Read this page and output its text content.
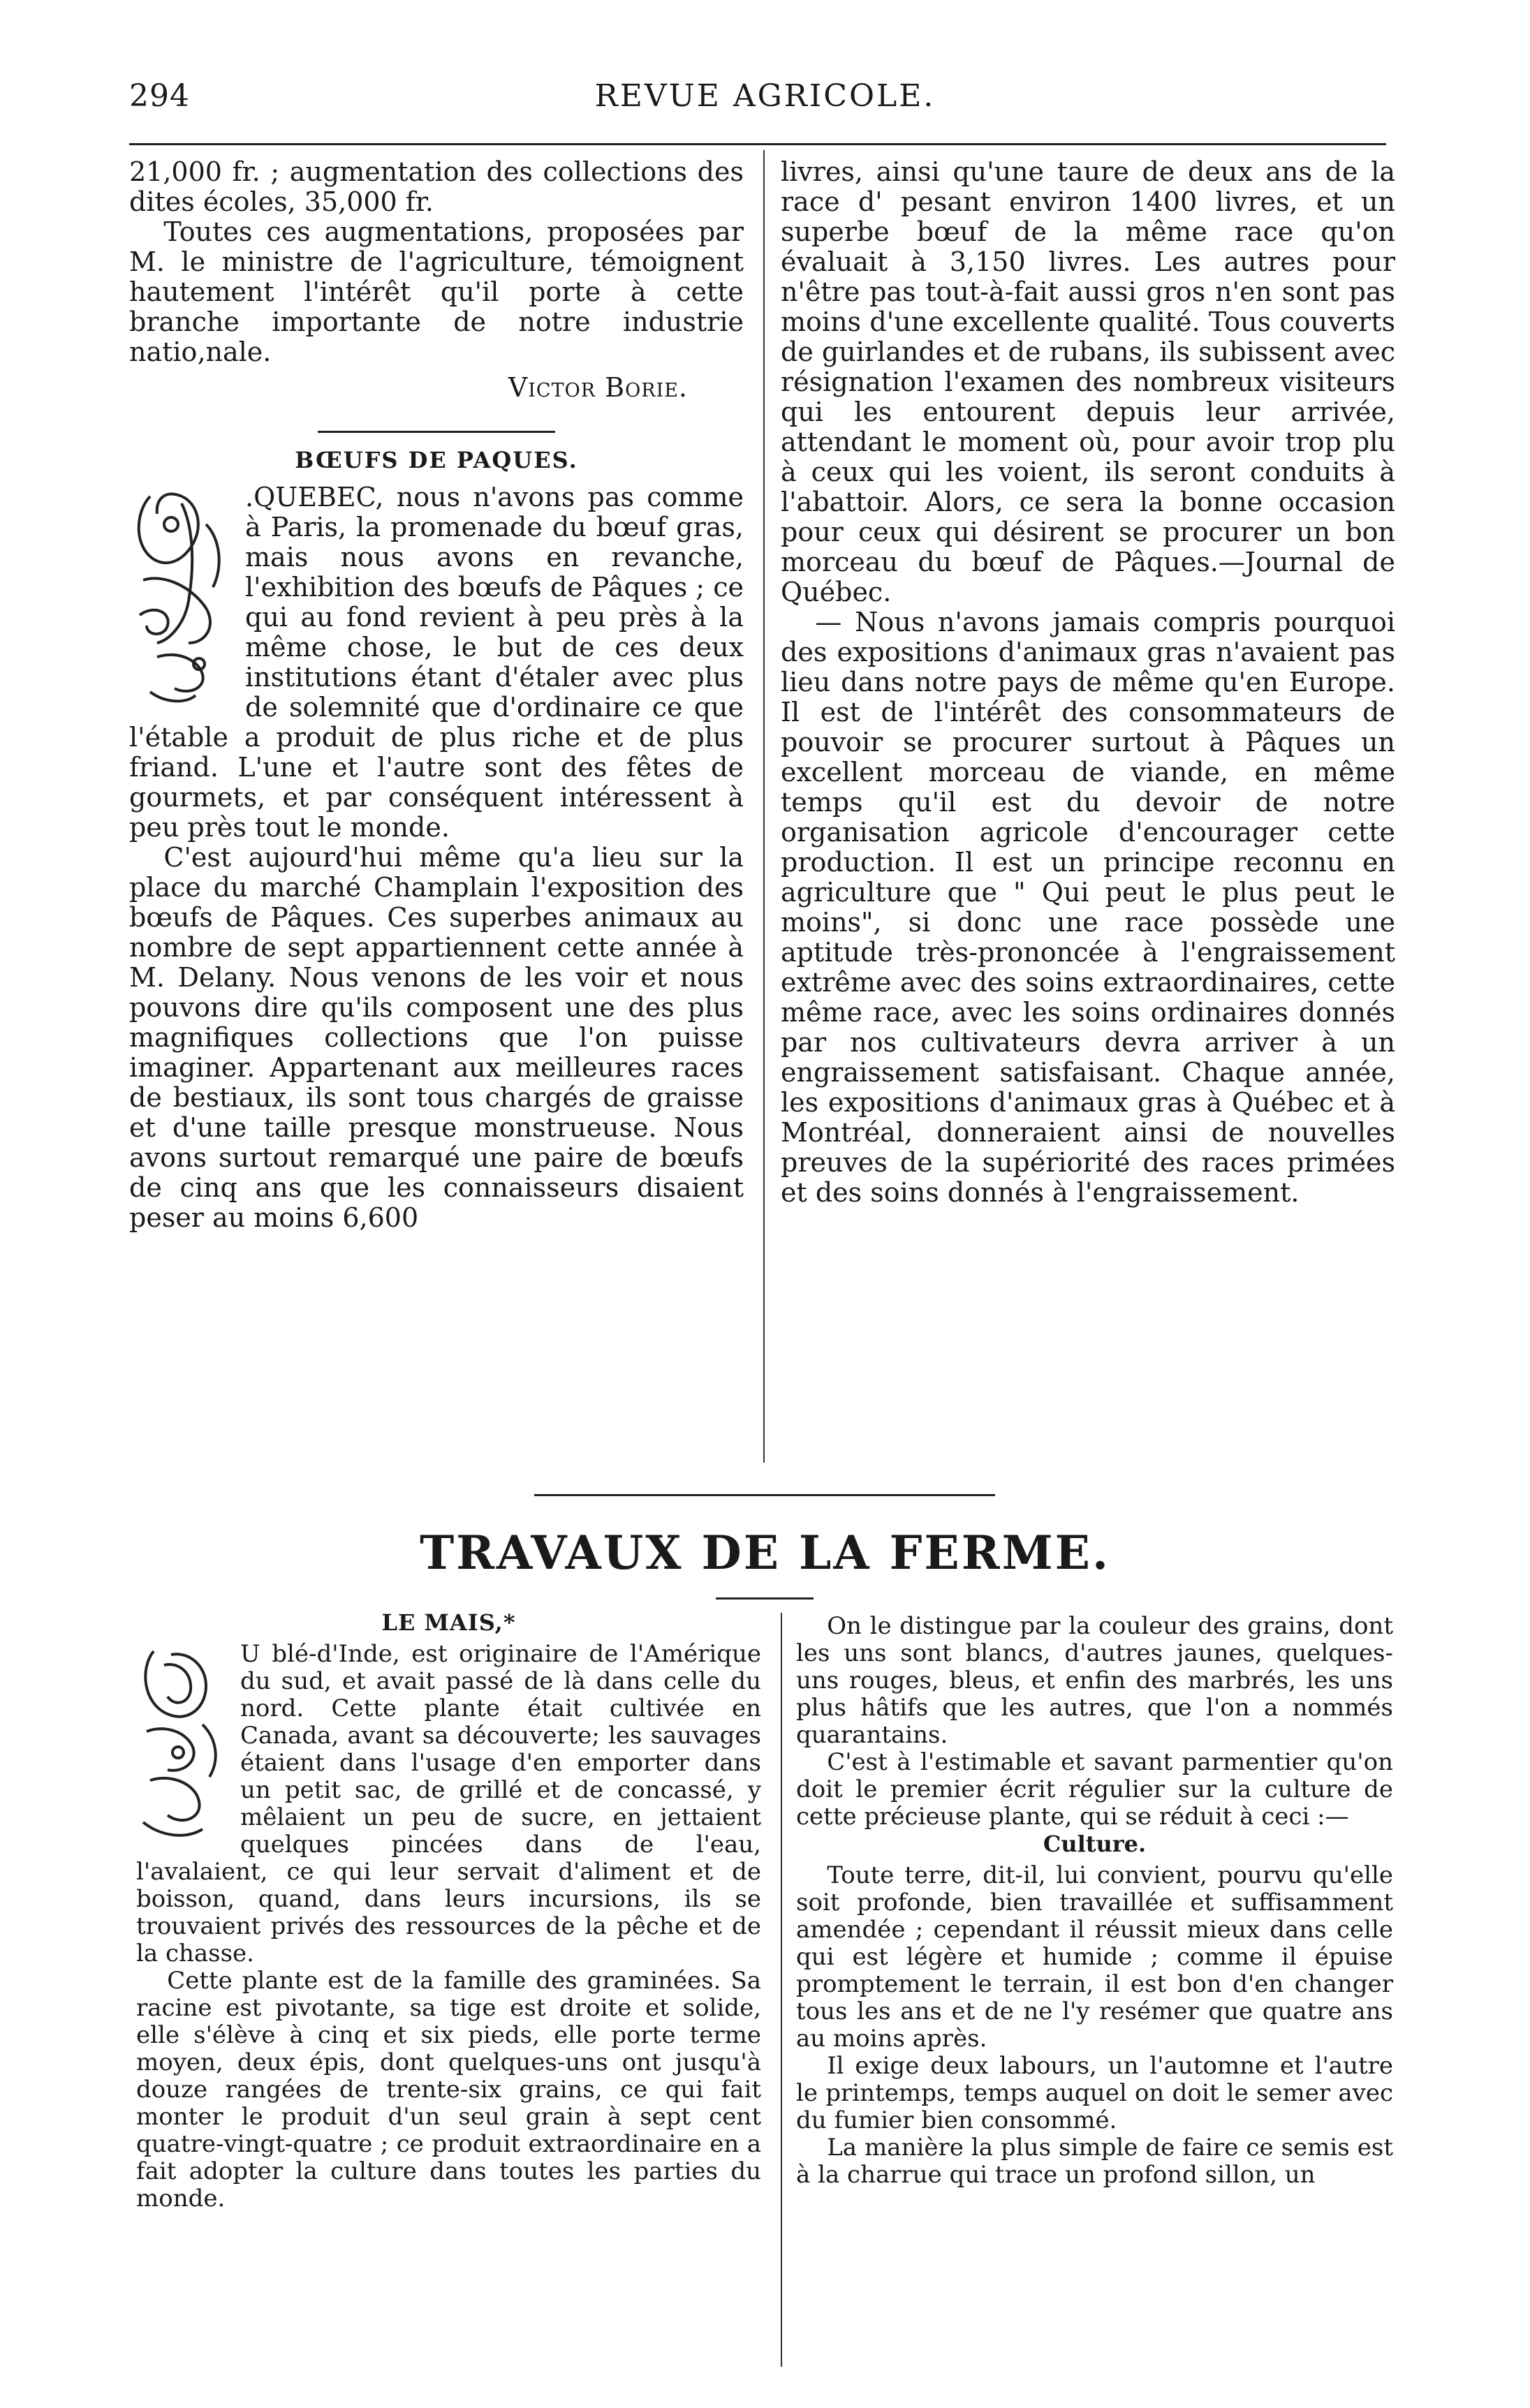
294	REVUE AGRICOLE.

21,000 fr. ; augmentation des collections des dites écoles, 35,000 fr.

Toutes ces augmentations, proposées par M. le ministre de l'agriculture, témoignent hautement l'intérêt qu'il porte à cette branche importante de notre industrie natio‚nale.

Victor Borie.
BŒUFS DE PAQUES.

.QUEBEC, nous n'avons pas comme à Paris, la promenade du bœuf gras, mais nous avons en revanche, l'exhibition des bœufs de Pâques ; ce qui au fond revient à peu près à la même chose, le but de ces deux institutions étant d'étaler avec plus de solemnité que d'ordinaire ce que l'étable a produit de plus riche et de plus friand. L'une et l'autre sont des fêtes de gourmets, et par conséquent intéressent à peu près tout le monde.

C'est aujourd'hui même qu'a lieu sur la place du marché Champlain l'exposition des bœufs de Pâques. Ces superbes animaux au nombre de sept appartiennent cette année à M. Delany. Nous venons de les voir et nous pouvons dire qu'ils composent une des plus magnifiques collections que l'on puisse imaginer. Appartenant aux meilleures races de bestiaux, ils sont tous chargés de graisse et d'une taille presque monstrueuse. Nous avons surtout remarqué une paire de bœufs de cinq ans que les connaisseurs disaient peser au moins 6,600

livres, ainsi qu'une taure de deux ans de la race d' pesant environ 1400 livres, et un superbe bœuf de la même race qu'on évaluait à 3,150 livres. Les autres pour n'être pas tout-à-fait aussi gros n'en sont pas moins d'une excellente qualité. Tous couverts de guirlandes et de rubans, ils subissent avec résignation l'examen des nombreux visiteurs qui les entourent depuis leur arrivée, attendant le moment où, pour avoir trop plu à ceux qui les voient, ils seront conduits à l'abattoir. Alors, ce sera la bonne occasion pour ceux qui désirent se procurer un bon morceau du bœuf de Pâques.—Journal de Québec.

— Nous n'avons jamais compris pourquoi des expositions d'animaux gras n'avaient pas lieu dans notre pays de même qu'en Europe. Il est de l'intérêt des consommateurs de pouvoir se procurer surtout à Pâques un excellent morceau de viande, en même temps qu'il est du devoir de notre organisation agricole d'encourager cette production. Il est un principe reconnu en agriculture que " Qui peut le plus peut le moins", si donc une race possède une aptitude très-prononcée à l'engraissement extrême avec des soins extraordinaires, cette même race, avec les soins ordinaires donnés par nos cultivateurs devra arriver à un engraissement satisfaisant. Chaque année, les expositions d'animaux gras à Québec et à Montréal, donneraient ainsi de nouvelles preuves de la supériorité des races primées et des soins donnés à l'engraissement.

TRAVAUX DE LA FERME.
LE MAIS,*

U blé-d'Inde, est originaire de l'Amérique du sud, et avait passé de là dans celle du nord. Cette plante était cultivée en Canada, avant sa découverte; les sauvages étaient dans l'usage d'en emporter dans un petit sac, de grillé et de concassé, y mêlaient un peu de sucre, en jettaient quelques pincées dans de l'eau, l'avalaient, ce qui leur servait d'aliment et de boisson, quand, dans leurs incursions, ils se trouvaient privés des ressources de la pêche et de la chasse.

Cette plante est de la famille des graminées. Sa racine est pivotante, sa tige est droite et solide, elle s'élève à cinq et six pieds, elle porte terme moyen, deux épis, dont quelques-uns ont jusqu'à douze rangées de trente-six grains, ce qui fait monter le produit d'un seul grain à sept cent quatre-vingt-quatre ; ce produit extraordinaire en a fait adopter la culture dans toutes les parties du monde.

On le distingue par la couleur des grains, dont les uns sont blancs, d'autres jaunes, quelques-uns rouges, bleus, et enfin des marbrés, les uns plus hâtifs que les autres, que l'on a nommés quarantains.

C'est à l'estimable et savant parmentier qu'on doit le premier écrit régulier sur la culture de cette précieuse plante, qui se réduit à ceci :—

Culture.

Toute terre, dit-il, lui convient, pourvu qu'elle soit profonde, bien travaillée et suffisamment amendée ; cependant il réussit mieux dans celle qui est légère et humide ; comme il épuise promptement le terrain, il est bon d'en changer tous les ans et de ne l'y resémer que quatre ans au moins après.

Il exige deux labours, un l'automne et l'autre le printemps, temps auquel on doit le semer avec du fumier bien consommé.

La manière la plus simple de faire ce semis est à la charrue qui trace un profond sillon, un
